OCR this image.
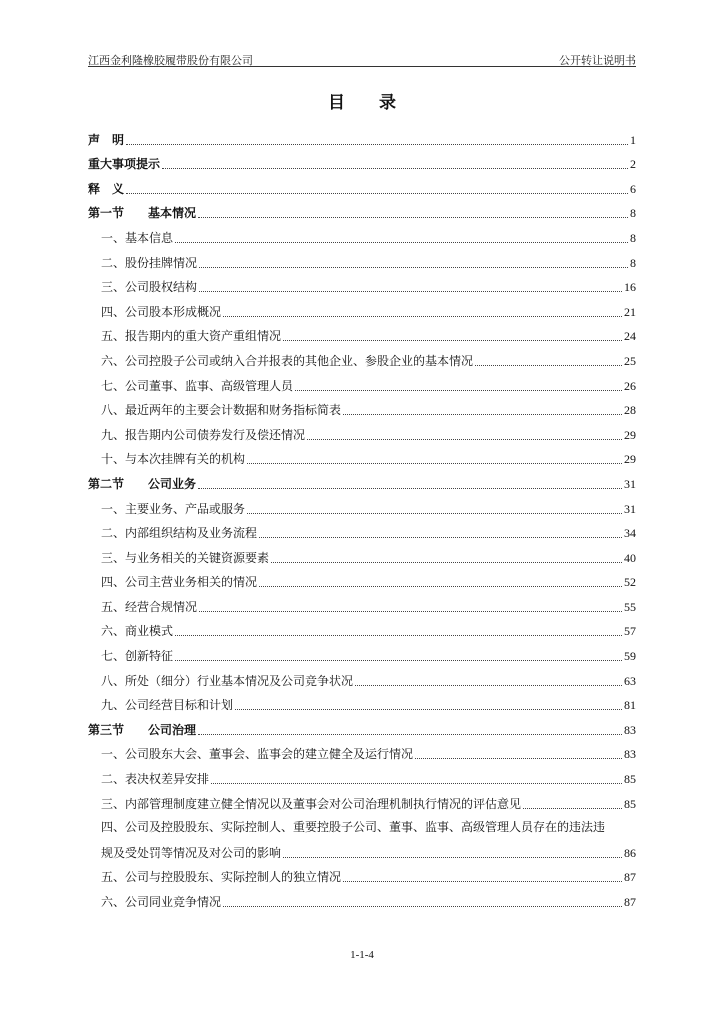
江西金利隆橡胶履带股份有限公司	公开转让说明书
目 录
声　明	1
重大事项提示	2
释　义	6
第一节 基本情况	8
一、基本信息	8
二、股份挂牌情况	8
三、公司股权结构	16
四、公司股本形成概况	21
五、报告期内的重大资产重组情况	24
六、公司控股子公司或纳入合并报表的其他企业、参股企业的基本情况	25
七、公司董事、监事、高级管理人员	26
八、最近两年的主要会计数据和财务指标简表	28
九、报告期内公司债券发行及偿还情况	29
十、与本次挂牌有关的机构	29
第二节 公司业务	31
一、主要业务、产品或服务	31
二、内部组织结构及业务流程	34
三、与业务相关的关键资源要素	40
四、公司主营业务相关的情况	52
五、经营合规情况	55
六、商业模式	57
七、创新特征	59
八、所处（细分）行业基本情况及公司竞争状况	63
九、公司经营目标和计划	81
第三节 公司治理	83
一、公司股东大会、董事会、监事会的建立健全及运行情况	83
二、表决权差异安排	85
三、内部管理制度建立健全情况以及董事会对公司治理机制执行情况的评估意见	85
四、公司及控股股东、实际控制人、重要控股子公司、董事、监事、高级管理人员存在的违法违
规及受处罚等情况及对公司的影响	86
五、公司与控股股东、实际控制人的独立情况	87
六、公司同业竞争情况	87
1-1-4
